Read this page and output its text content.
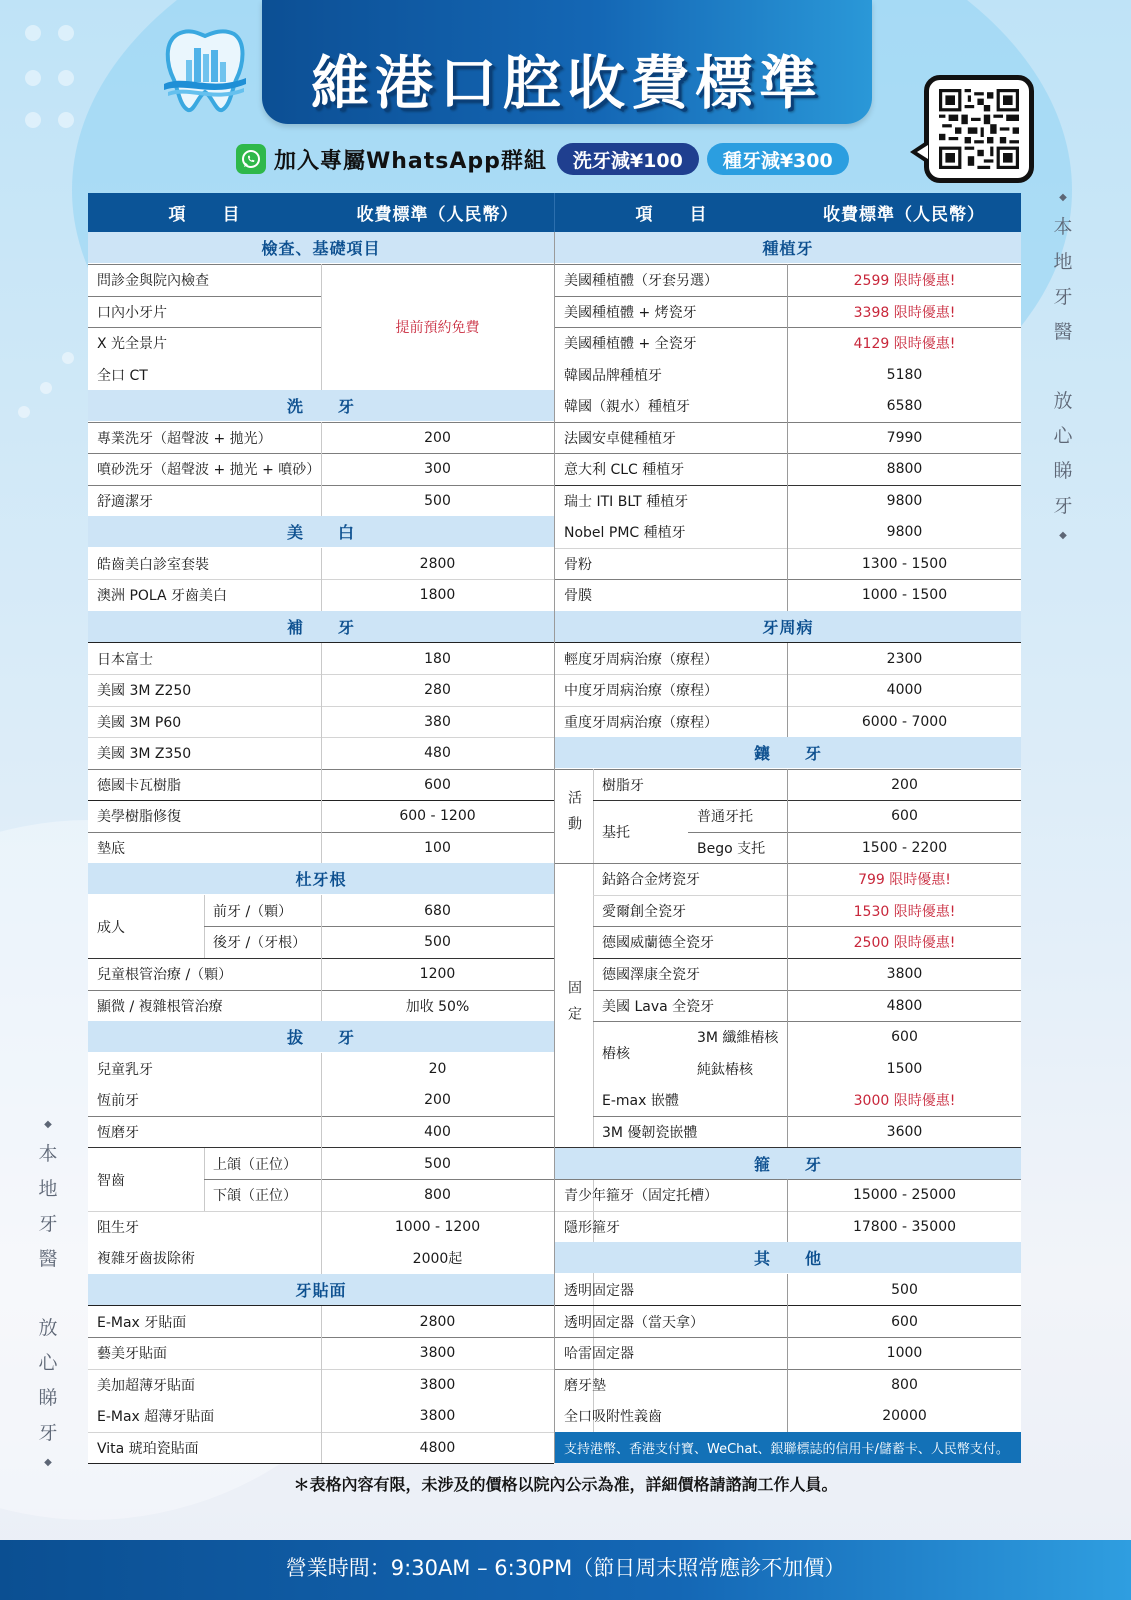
維港口腔收費標準
加入專屬WhatsApp群組	洗牙減¥100	種牙減¥300
◆
本
地
牙
醫
放
心
睇
牙
◆
◆
本
地
牙
醫
放
心
睇
牙
◆
項　　目	收費標準（人民幣）	項　　目	收費標準（人民幣）
檢查、基礎項目
問診金與院內檢查
口內小牙片
X 光全景片
全口 CT
提前預約免費
洗　　牙
專業洗牙（超聲波 + 拋光）	200
噴砂洗牙（超聲波 + 拋光 + 噴砂）	300
舒適潔牙	500
美　　白
皓齒美白診室套裝	2800
澳洲 POLA 牙齒美白	1800
補　　牙
日本富士	180
美國 3M Z250	280
美國 3M P60	380
美國 3M Z350	480
德國卡瓦樹脂	600
美學樹脂修復	600 - 1200
墊底	100
杜牙根
成人
前牙 /（顆）	680
後牙 /（牙根）	500
兒童根管治療 /（顆）	1200
顯微 / 複雜根管治療	加收 50%
拔　　牙
兒童乳牙	20
恆前牙	200
恆磨牙	400
智齒
上頜（正位）	500
下頜（正位）	800
阻生牙	1000 - 1200
複雜牙齒拔除術	2000起
牙貼面
E-Max 牙貼面	2800
藝美牙貼面	3800
美加超薄牙貼面	3800
E-Max 超薄牙貼面	3800
Vita 琥珀瓷貼面	4800
種植牙
美國種植體（牙套另選）	2599 限時優惠!
美國種植體 + 烤瓷牙	3398 限時優惠!
美國種植體 + 全瓷牙	4129 限時優惠!
韓國品牌種植牙	5180
韓國（親水）種植牙	6580
法國安卓健種植牙	7990
意大利 CLC 種植牙	8800
瑞士 ITI BLT 種植牙	9800
Nobel PMC 種植牙	9800
骨粉	1300 - 1500
骨膜	1000 - 1500
牙周病
輕度牙周病治療（療程）	2300
中度牙周病治療（療程）	4000
重度牙周病治療（療程）	6000 - 7000
鑲　　牙
活動
樹脂牙	200
基托
普通牙托	600
Bego 支托	1500 - 2200
固定
鈷鉻合金烤瓷牙	799 限時優惠!
愛爾創全瓷牙	1530 限時優惠!
德國威蘭德全瓷牙	2500 限時優惠!
德國澤康全瓷牙	3800
美國 Lava 全瓷牙	4800
樁核
3M 纖維樁核	600
純鈦樁核	1500
E-max 嵌體	3000 限時優惠!
3M 優韌瓷嵌體	3600
箍　　牙
青少年箍牙（固定托槽）	15000 - 25000
隱形箍牙	17800 - 35000
其　　他
透明固定器	500
透明固定器（當天拿）	600
哈雷固定器	1000
磨牙墊	800
全口吸附性義齒	20000
支持港幣、香港支付寶、WeChat、銀聯標誌的信用卡/儲蓄卡、人民幣支付。
＊表格內容有限，未涉及的價格以院內公示為准，詳細價格請諮詢工作人員。
營業時間：9:30AM – 6:30PM（節日周末照常應診不加價）
